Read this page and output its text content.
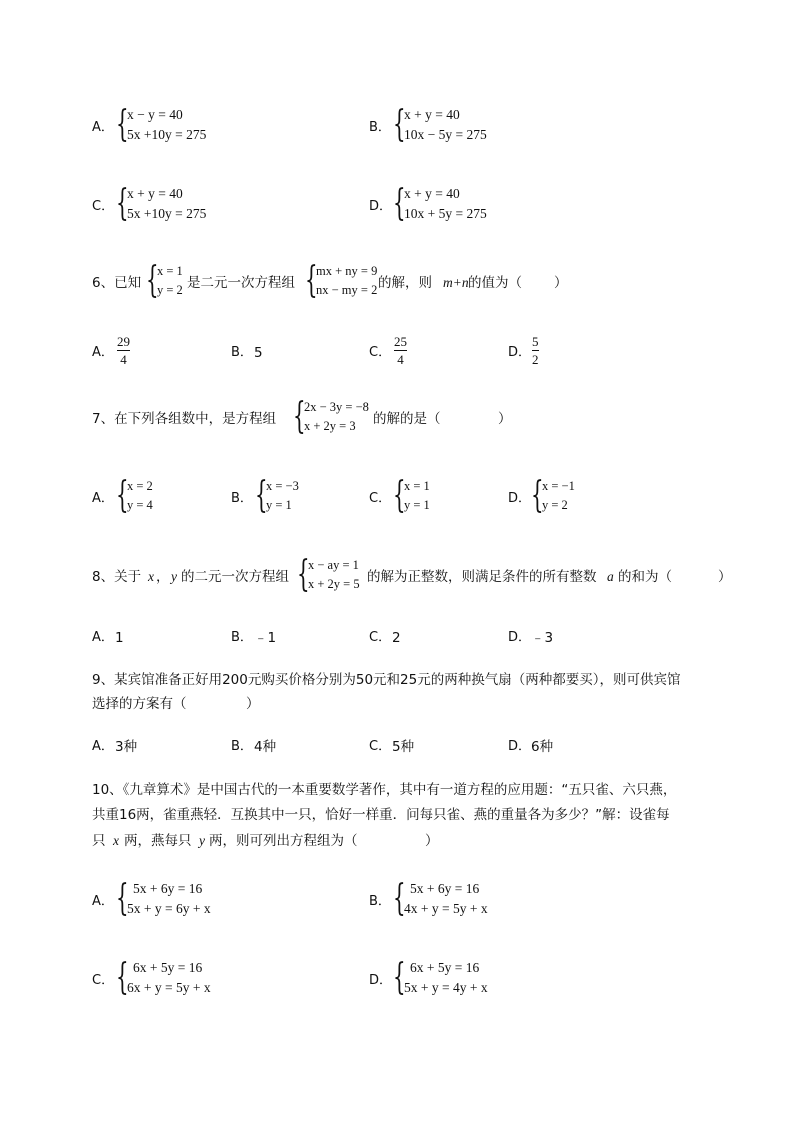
A． {
x − y = 40
5x +10y = 275	B． {
x + y = 40
10x − 5y = 275
C． {
x + y = 40
5x +10y = 275	D． {
x + y = 40
10x + 5y = 275
6、已知 {
x = 1
y = 2 是二元一次方程组 {
mx + ny = 9
nx − my = 2 的解，则 m+n 的值为（ ）
A．
29
4	B． 5	C．
25
4	D．
5
2
7、在下列各组数中，是方程组 {
2x − 3y = −8
x + 2y = 3	的解的是（	）
A． {
x = 2
y = 4	B． {
x = −3
y = 1	C． {
x = 1
y = 1	D． {
x = −1
y = 2
8、关于 x ， y 的二元一次方程组 {
x − ay = 1
x + 2y = 5 的解为正整数，则满足条件的所有整数 a 的和为（	）
A． 1	B． ﹣1	C． 2	D． ﹣3
9、某宾馆准备正好用200元购买价格分别为50元和25元的两种换气扇（两种都要买），则可供宾馆
选择的方案有（	）
A． 3种	B． 4种	C． 5种	D． 6种
10、《九章算术》是中国古代的一本重要数学著作，其中有一道方程的应用题：“五只雀、六只燕，
共重16两，雀重燕轻．互换其中一只，恰好一样重．问每只雀、燕的重量各为多少？”解：设雀每
只 x 两，燕每只 y 两，则可列出方程组为（	）
A． { 5x + 6y = 16
5x + y = 6y + x	B． { 5x + 6y = 16
4x + y = 5y + x
C． { 6x + 5y = 16
6x + y = 5y + x	D． { 6x + 5y = 16
5x + y = 4y + x
